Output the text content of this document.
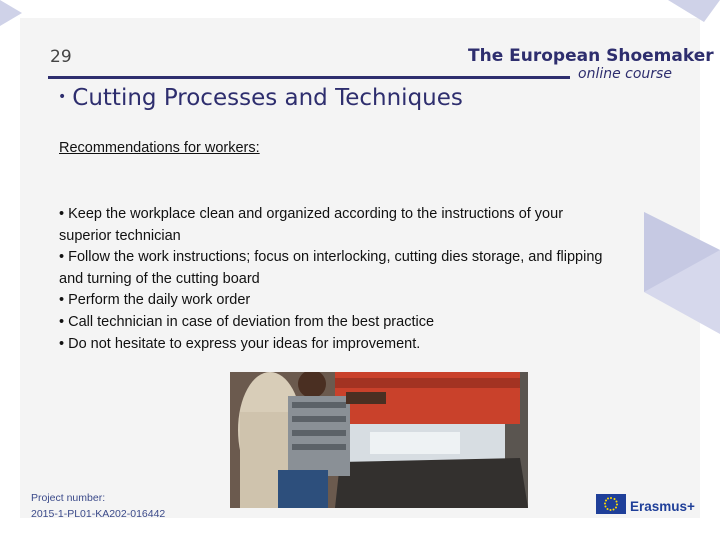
29	The European Shoemaker
online course
• Cutting Processes and Techniques
Recommendations for workers:

• Keep the workplace clean and organized according to the instructions of your superior technician

• Follow the work instructions; focus on interlocking, cutting dies storage, and flipping and turning of the cutting board

• Perform the daily work order

• Call technician in case of deviation from the best practice

• Do not hesitate to express your ideas for improvement.

Project number:
2015-1-PL01-KA202-016442	Erasmus+
